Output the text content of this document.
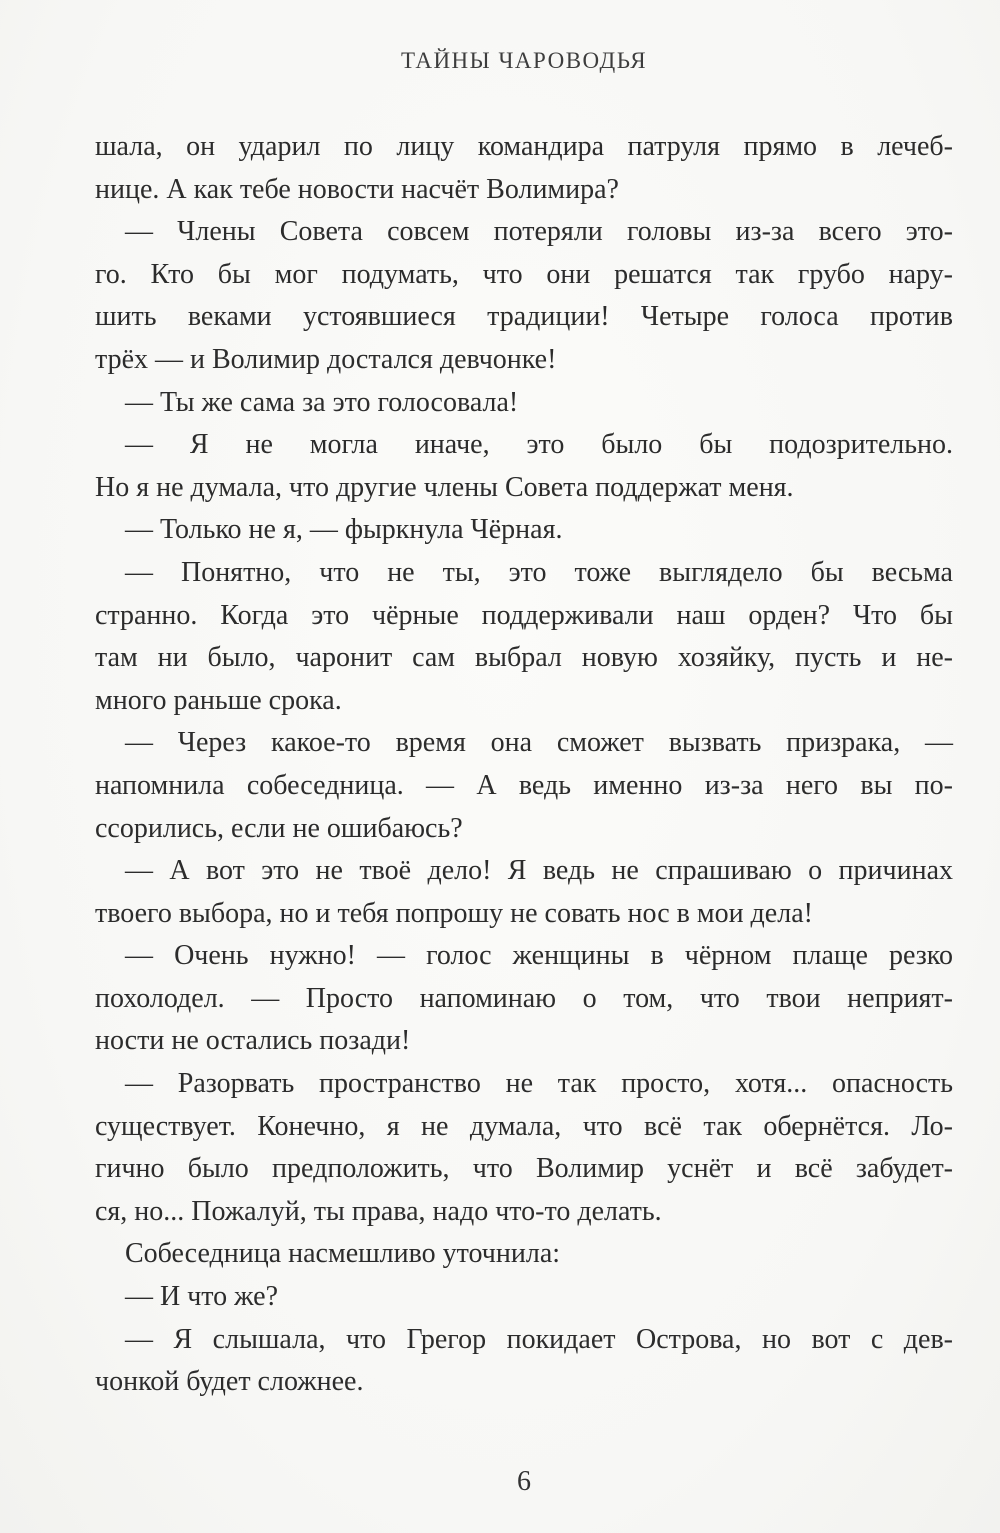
ТАЙНЫ ЧАРОВОДЬЯ
шала, он ударил по лицу командира патруля прямо в лечеб-
нице. А как тебе новости насчёт Волимира?
— Члены Совета совсем потеряли головы из-за всего это-
го. Кто бы мог подумать, что они решатся так грубо нару-
шить веками устоявшиеся традиции! Четыре голоса против
трёх — и Волимир достался девчонке!
— Ты же сама за это голосовала!
— Я не могла иначе, это было бы подозрительно.
Но я не думала, что другие члены Совета поддержат меня.
— Только не я, — фыркнула Чёрная.
— Понятно, что не ты, это тоже выглядело бы весьма
странно. Когда это чёрные поддерживали наш орден? Что бы
там ни было, чаронит сам выбрал новую хозяйку, пусть и не-
много раньше срока.
— Через какое-то время она сможет вызвать призрака, —
напомнила собеседница. — А ведь именно из-за него вы по-
ссорились, если не ошибаюсь?
— А вот это не твоё дело! Я ведь не спрашиваю о причинах
твоего выбора, но и тебя попрошу не совать нос в мои дела!
— Очень нужно! — голос женщины в чёрном плаще резко
похолодел. — Просто напоминаю о том, что твои неприят-
ности не остались позади!
— Разорвать пространство не так просто, хотя... опасность
существует. Конечно, я не думала, что всё так обернётся. Ло-
гично было предположить, что Волимир уснёт и всё забудет-
ся, но... Пожалуй, ты права, надо что-то делать.
Собеседница насмешливо уточнила:
— И что же?
— Я слышала, что Грегор покидает Острова, но вот с дев-
чонкой будет сложнее.
6
